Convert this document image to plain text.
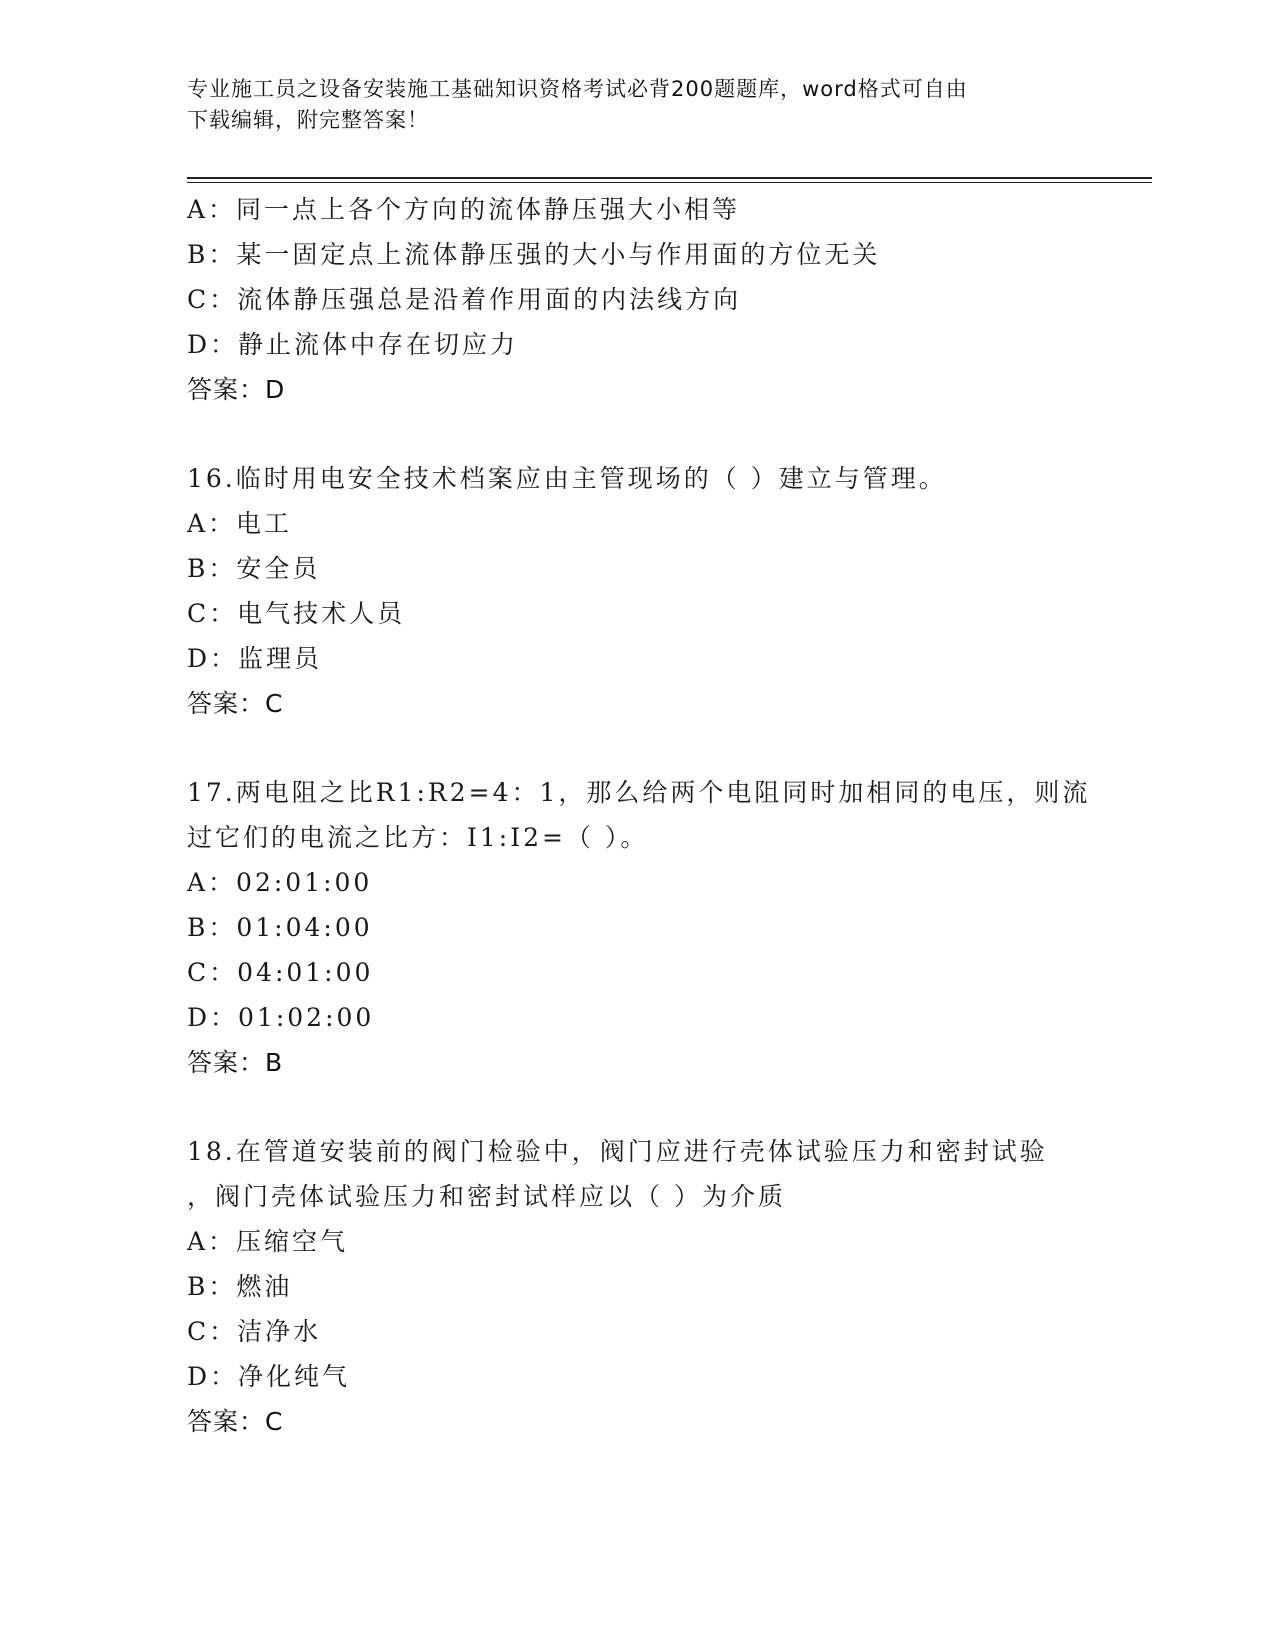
专业施工员之设备安装施工基础知识资格考试必背200题题库，word格式可自由
下载编辑，附完整答案！
A：同一点上各个方向的流体静压强大小相等
B：某一固定点上流体静压强的大小与作用面的方位无关
C：流体静压强总是沿着作用面的内法线方向
D：静止流体中存在切应力
答案：D
16.临时用电安全技术档案应由主管现场的（ ）建立与管理。
A：电工
B：安全员
C：电气技术人员
D：监理员
答案：C
17.两电阻之比R1:R2=4：1，那么给两个电阻同时加相同的电压，则流
过它们的电流之比方：I1:I2=（ ）。
A：02:01:00
B：01:04:00
C：04:01:00
D：01:02:00
答案：B
18.在管道安装前的阀门检验中，阀门应进行壳体试验压力和密封试验
，阀门壳体试验压力和密封试样应以（ ）为介质
A：压缩空气
B：燃油
C：洁净水
D：净化纯气
答案：C
